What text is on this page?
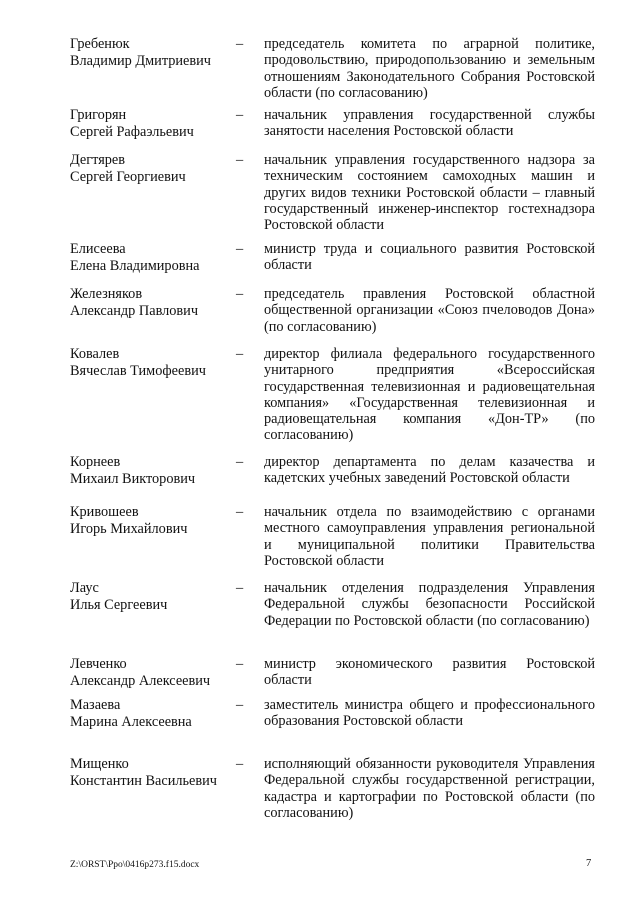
Гребенюк
Владимир Дмитриевич
– председатель комитета по аграрной политике, продовольствию, природопользованию и земельным отношениям Законодательного Собрания Ростовской области (по согласованию)
Григорян
Сергей Рафаэльевич
– начальник управления государственной службы занятости населения Ростовской области
Дегтярев
Сергей Георгиевич
– начальник управления государственного надзора за техническим состоянием самоходных машин и других видов техники Ростовской области – главный государственный инженер-инспектор гостехнадзора Ростовской области
Елисеева
Елена Владимировна
– министр труда и социального развития Ростовской области
Железняков
Александр Павлович
– председатель правления Ростовской областной общественной организации «Союз пчеловодов Дона» (по согласованию)
Ковалев
Вячеслав Тимофеевич
– директор филиала федерального государственного унитарного предприятия «Всероссийская государственная телевизионная и радиовещательная компания» «Государственная телевизионная и радиовещательная компания «Дон-ТР» (по согласованию)
Корнеев
Михаил Викторович
– директор департамента по делам казачества и кадетских учебных заведений Ростовской области
Кривошеев
Игорь Михайлович
– начальник отдела по взаимодействию с органами местного самоуправления управления региональной и муниципальной политики Правительства Ростовской области
Лаус
Илья Сергеевич
– начальник отделения подразделения Управления Федеральной службы безопасности Российской Федерации по Ростовской области (по согласованию)
Левченко
Александр Алексеевич
– министр экономического развития Ростовской области
Мазаева
Марина Алексеевна
– заместитель министра общего и профессионального образования Ростовской области
Мищенко
Константин Васильевич
– исполняющий обязанности руководителя Управления Федеральной службы государственной регистрации, кадастра и картографии по Ростовской области (по согласованию)
Z:\ORST\Ppo\0416p273.f15.docx	7
